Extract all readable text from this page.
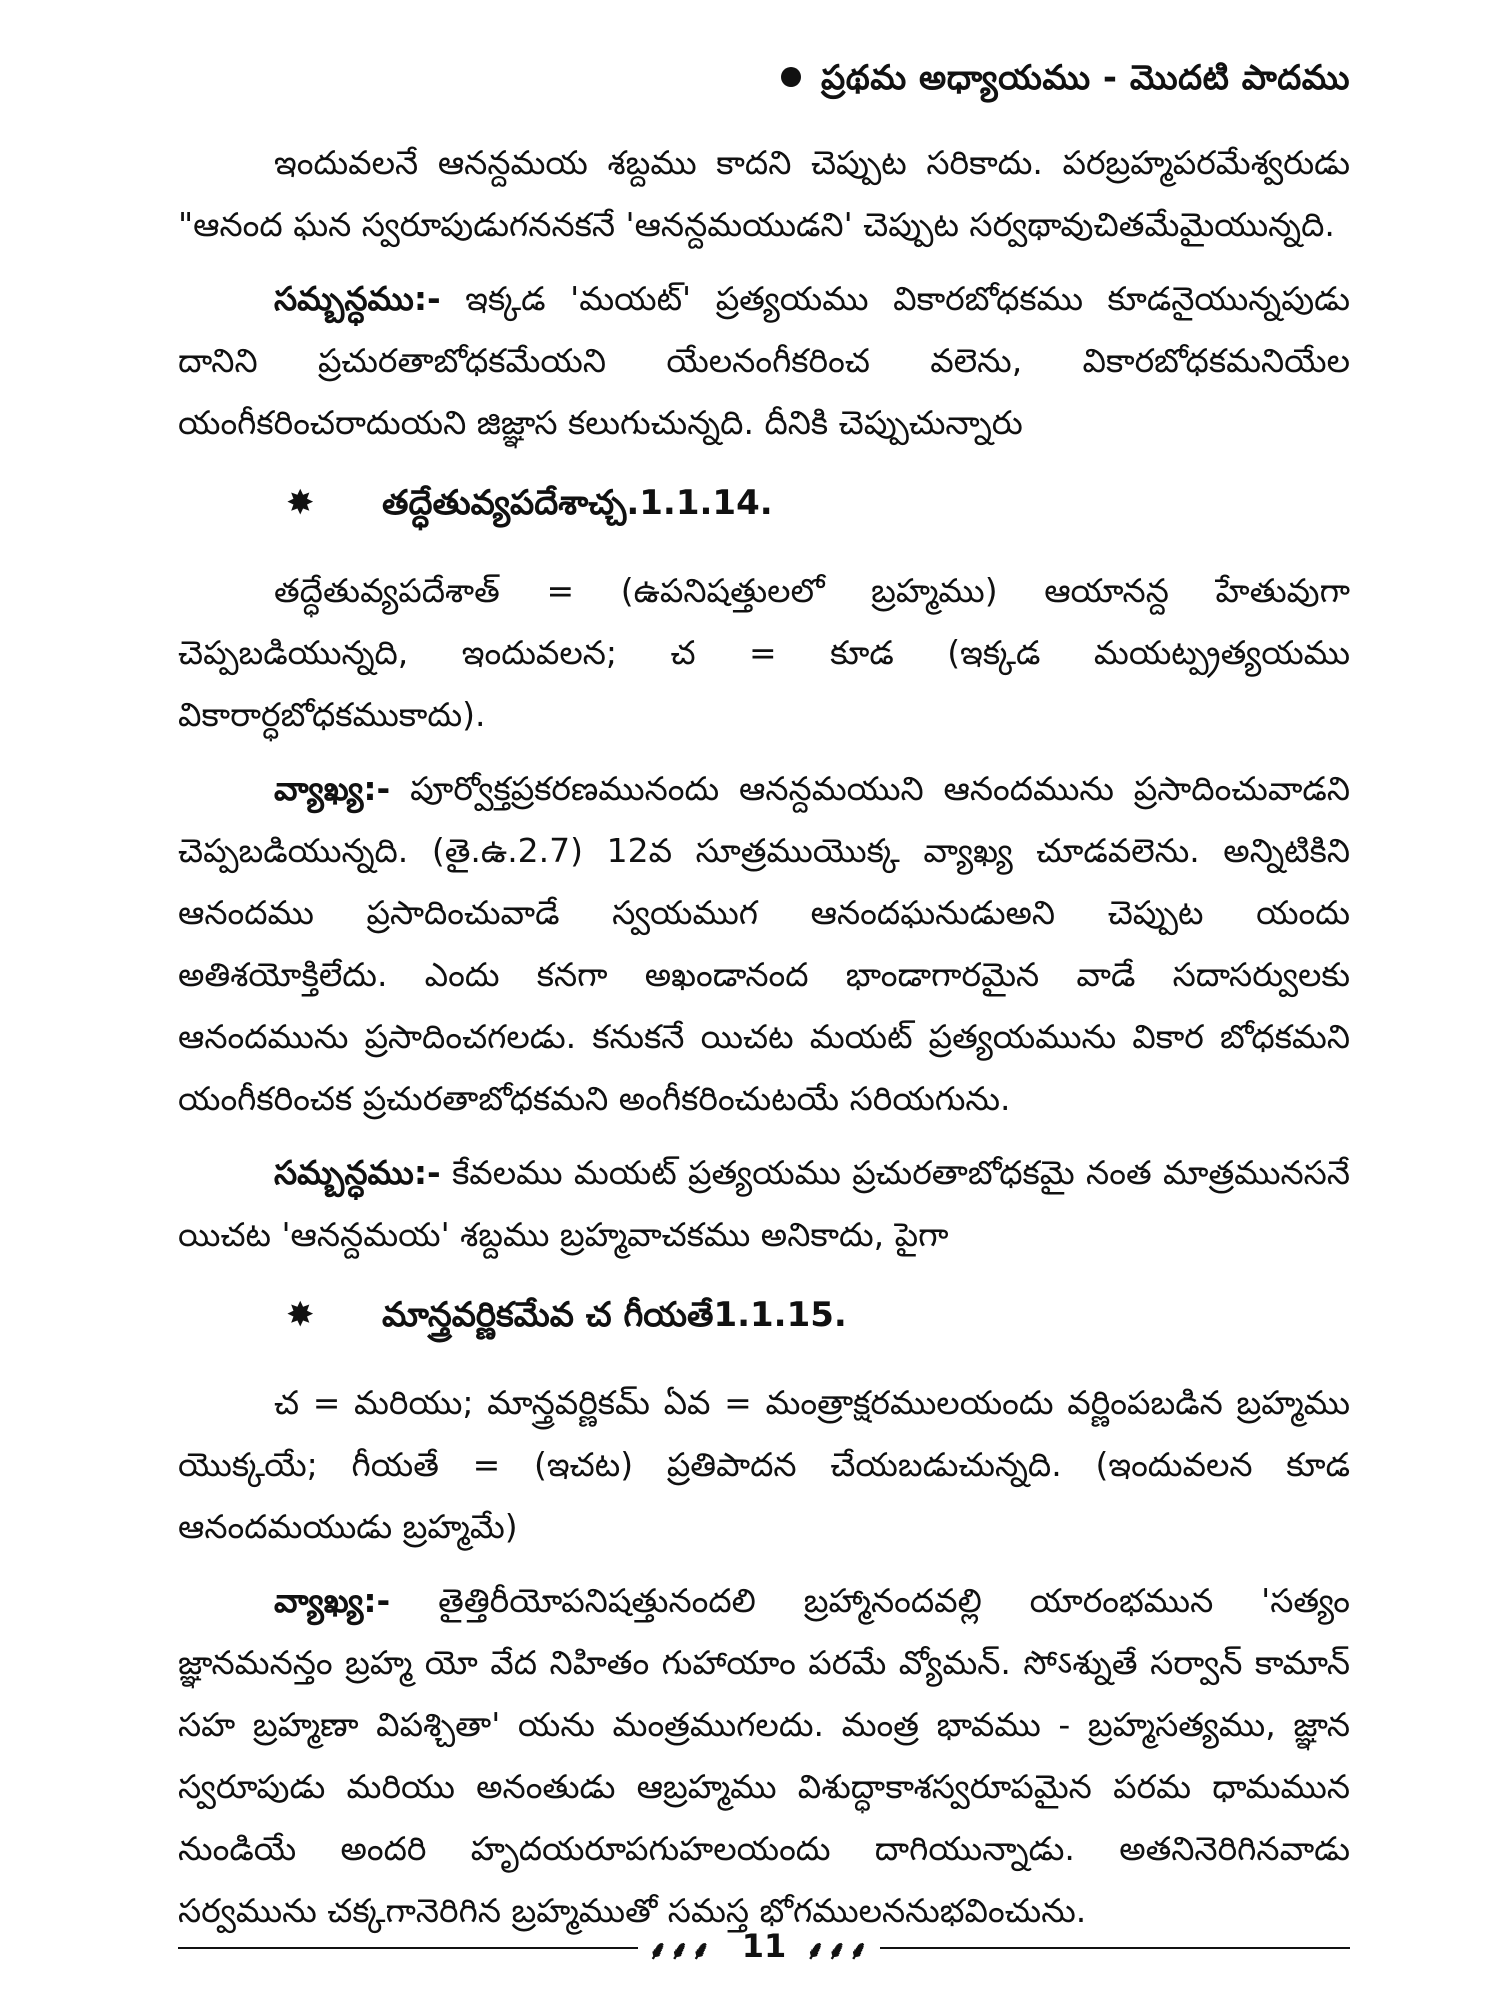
ప్రథమ అధ్యాయము - మొదటి పాదము

ఇందువలనే ఆనన్దమయ శబ్దము కాదని చెప్పుట సరికాదు. పరబ్రహ్మపరమేశ్వరుడు "ఆనంద ఘన స్వరూపుడుగననకనే 'ఆనన్దమయుడని' చెప్పుట సర్వథావుచితమేమైయున్నది.

సమ్బన్ధము:- ఇక్కడ 'మయట్' ప్రత్యయము వికారబోధకము కూడనైయున్నపుడు దానిని ప్రచురతాబోధకమేయని యేలనంగీకరించ వలెను, వికారబోధకమనియేల యంగీకరించరాదుయని జిజ్ఞాస కలుగుచున్నది. దీనికి చెప్పుచున్నారు

✸ తద్ధేతువ్యపదేశాచ్చ.1.1.14.

తద్ధేతువ్యపదేశాత్ = (ఉపనిషత్తులలో బ్రహ్మము) ఆయానన్ద హేతువుగా చెప్పబడియున్నది, ఇందువలన; చ = కూడ (ఇక్కడ మయట్ప్రత్యయము వికారార్ధబోధకముకాదు).

వ్యాఖ్య:- పూర్వోక్తప్రకరణమునందు ఆనన్దమయుని ఆనందమును ప్రసాదించువాడని చెప్పబడియున్నది. (తై.ఉ.2.7) 12వ సూత్రముయొక్క వ్యాఖ్య చూడవలెను. అన్నిటికిని ఆనందము ప్రసాదించువాడే స్వయముగ ఆనందఘనుడుఅని చెప్పుట యందు అతిశయోక్తిలేదు. ఎందు కనగా అఖండానంద భాండాగారమైన వాడే సదాసర్వులకు ఆనందమును ప్రసాదించగలడు. కనుకనే యిచట మయట్ ప్రత్యయమును వికార బోధకమని యంగీకరించక ప్రచురతాబోధకమని అంగీకరించుటయే సరియగును.

సమ్బన్ధము:- కేవలము మయట్ ప్రత్యయము ప్రచురతాబోధకమై నంత మాత్రమునసనే యిచట 'ఆనన్దమయ' శబ్దము బ్రహ్మవాచకము అనికాదు, పైగా

✸ మాన్త్రవర్ణికమేవ చ గీయతే1.1.15.

చ = మరియు; మాన్త్రవర్ణికమ్ ఏవ = మంత్రాక్షరములయందు వర్ణింపబడిన బ్రహ్మము యొక్కయే; గీయతే = (ఇచట) ప్రతిపాదన చేయబడుచున్నది. (ఇందువలన కూడ ఆనందమయుడు బ్రహ్మమే)

వ్యాఖ్య:- తైత్తిరీయోపనిషత్తునందలి బ్రహ్మానందవల్లి యారంభమున 'సత్యం జ్ఞానమనన్తం బ్రహ్మ యో వేద నిహితం గుహాయాం పరమే వ్యోమన్. సోऽశ్నుతే సర్వాన్ కామాన్ సహ బ్రహ్మణా విపశ్చితా' యను మంత్రముగలదు. మంత్ర భావము - బ్రహ్మసత్యము, జ్ఞాన స్వరూపుడు మరియు అనంతుడు ఆబ్రహ్మము విశుద్ధాకాశస్వరూపమైన పరమ ధామమున నుండియే అందరి హృదయరూపగుహలయందు దాగియున్నాడు. అతనినెరిగినవాడు సర్వమును చక్కగానెరిగిన బ్రహ్మముతో సమస్త భోగములననుభవించును.

⸙⸙⸙ 11 ⸙⸙⸙
